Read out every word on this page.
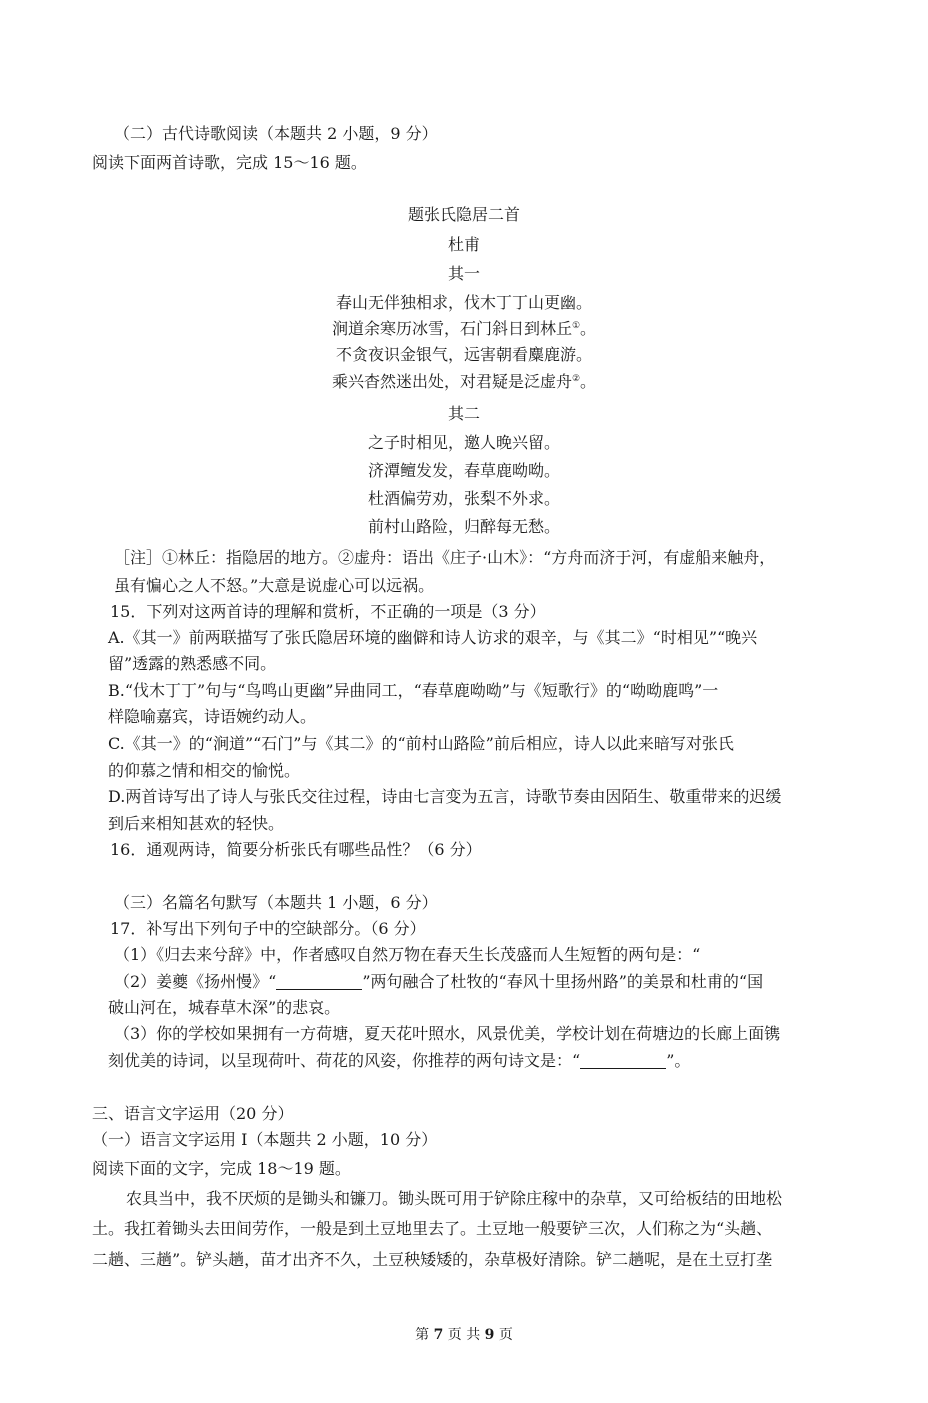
（二）古代诗歌阅读（本题共 2 小题，9 分）
阅读下面两首诗歌，完成 15～16 题。
题张氏隐居二首
杜甫
其一
春山无伴独相求，伐木丁丁山更幽。
涧道余寒历冰雪，石门斜日到林丘①。
不贪夜识金银气，远害朝看麋鹿游。
乘兴杳然迷出处，对君疑是泛虚舟②。
其二
之子时相见，邀人晚兴留。
济潭鳣发发，春草鹿呦呦。
杜酒偏劳劝，张梨不外求。
前村山路险，归醉每无愁。
［注］①林丘：指隐居的地方。②虚舟：语出《庄子·山木》：“方舟而济于河，有虚船来触舟，
虽有惼心之人不怒。”大意是说虚心可以远祸。
15．下列对这两首诗的理解和赏析，不正确的一项是（3 分）
A.《其一》前两联描写了张氏隐居环境的幽僻和诗人访求的艰辛，与《其二》“时相见”“晚兴
留”透露的熟悉感不同。
B.“伐木丁丁”句与“鸟鸣山更幽”异曲同工，“春草鹿呦呦”与《短歌行》的“呦呦鹿鸣”一
样隐喻嘉宾，诗语婉约动人。
C.《其一》的“涧道”“石门”与《其二》的“前村山路险”前后相应，诗人以此来暗写对张氏
的仰慕之情和相交的愉悦。
D.两首诗写出了诗人与张氏交往过程，诗由七言变为五言，诗歌节奏由因陌生、敬重带来的迟缓
到后来相知甚欢的轻快。
16．通观两诗，简要分析张氏有哪些品性？（6 分）
（三）名篇名句默写（本题共 1 小题，6 分）
17．补写出下列句子中的空缺部分。（6 分）
（1）《归去来兮辞》中，作者感叹自然万物在春天生长茂盛而人生短暂的两句是：“
（2）姜夔《扬州慢》“	”两句融合了杜牧的“春风十里扬州路”的美景和杜甫的“国
破山河在，城春草木深”的悲哀。
（3）你的学校如果拥有一方荷塘，夏天花叶照水，风景优美，学校计划在荷塘边的长廊上面镌
刻优美的诗词，以呈现荷叶、荷花的风姿，你推荐的两句诗文是：“	”。
三、语言文字运用（20 分）
（一）语言文字运用 I（本题共 2 小题，10 分）
阅读下面的文字，完成 18～19 题。
农具当中，我不厌烦的是锄头和镰刀。锄头既可用于铲除庄稼中的杂草，又可给板结的田地松
土。我扛着锄头去田间劳作，一般是到土豆地里去了。土豆地一般要铲三次，人们称之为“头趟、
二趟、三趟”。铲头趟，苗才出齐不久，土豆秧矮矮的，杂草极好清除。铲二趟呢，是在土豆打垄
第 7 页 共 9 页
